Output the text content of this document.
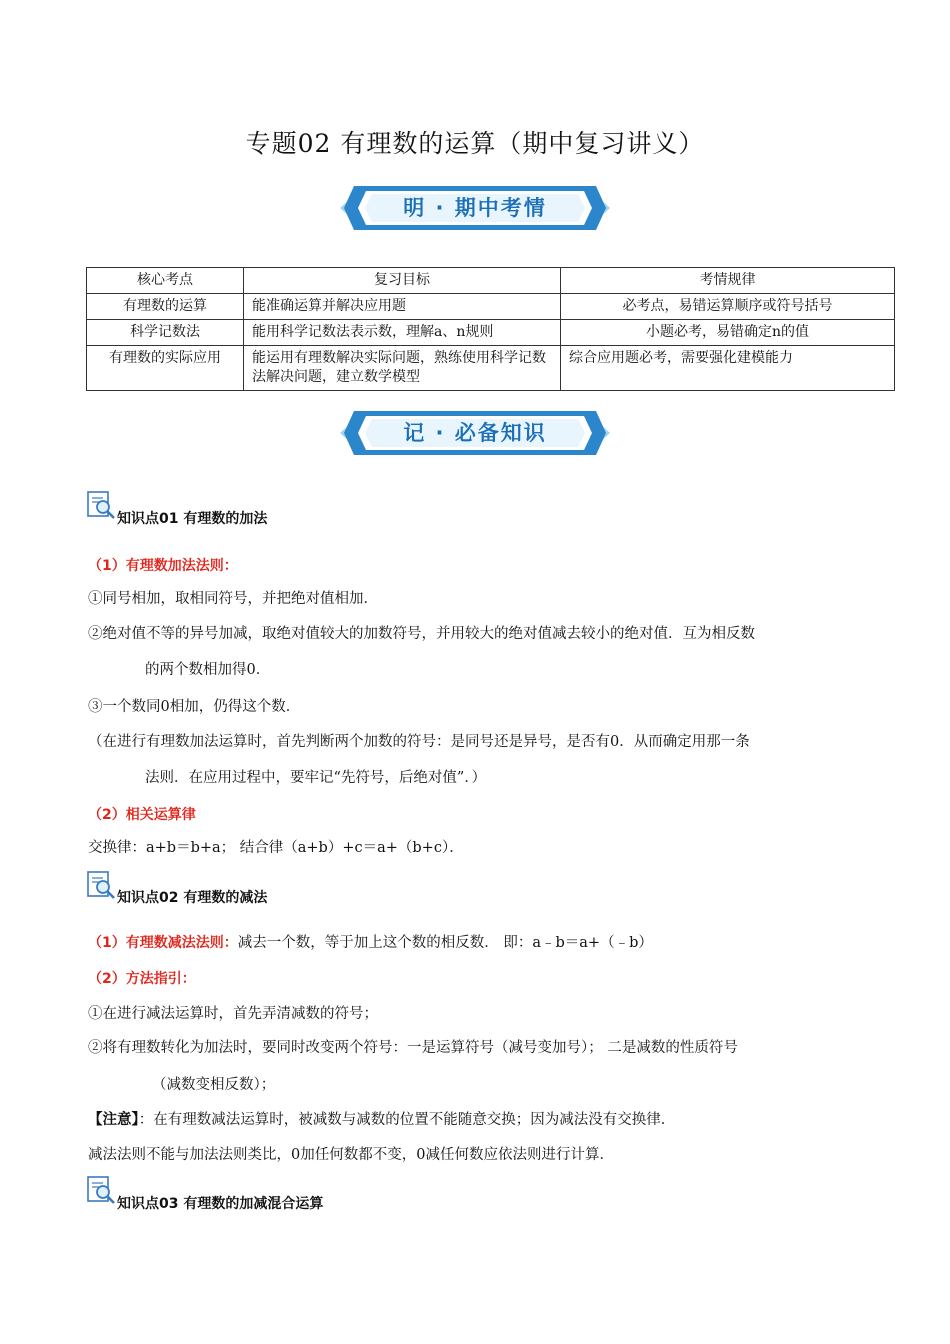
专题02 有理数的运算（期中复习讲义）
明 · 期中考情
核心考点	复习目标	考情规律
有理数的运算	能准确运算并解决应用题	必考点，易错运算顺序或符号括号
科学记数法	能用科学记数法表示数，理解a、n规则	小题必考，易错确定n的值
有理数的实际应用	能运用有理数解决实际问题，熟练使用科学记数法解决问题，建立数学模型	综合应用题必考，需要强化建模能力
记 · 必备知识
知识点01 有理数的加法
（1）有理数加法法则：
①同号相加，取相同符号，并把绝对值相加．
②绝对值不等的异号加减，取绝对值较大的加数符号，并用较大的绝对值减去较小的绝对值．互为相反数
的两个数相加得0．
③一个数同0相加，仍得这个数．
（在进行有理数加法运算时，首先判断两个加数的符号：是同号还是异号，是否有0．从而确定用那一条
法则．在应用过程中，要牢记“先符号，后绝对值”．）
（2）相关运算律
交换律：a+b＝b+a； 结合律（a+b）+c＝a+（b+c）．
知识点02 有理数的减法
（1）有理数减法法则：减去一个数，等于加上这个数的相反数． 即：a﹣b＝a+（﹣b）
（2）方法指引：
①在进行减法运算时，首先弄清减数的符号；
②将有理数转化为加法时，要同时改变两个符号：一是运算符号（减号变加号）； 二是减数的性质符号
（减数变相反数）；
【注意】：在有理数减法运算时，被减数与减数的位置不能随意交换；因为减法没有交换律．
减法法则不能与加法法则类比，0加任何数都不变，0减任何数应依法则进行计算．
知识点03 有理数的加减混合运算
